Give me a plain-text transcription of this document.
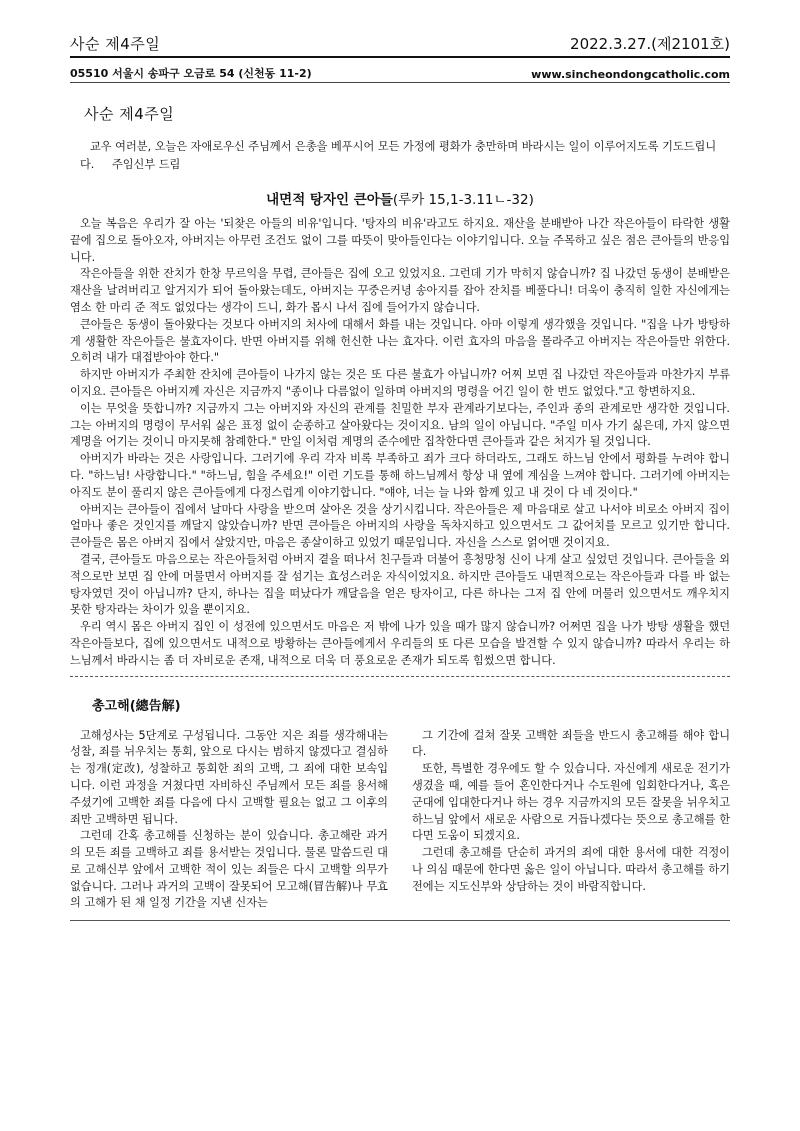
사순 제4주일	2022.3.27.(제2101호)
05510 서울시 송파구 오금로 54 (신천동 11-2)	www.sincheondongcatholic.com
사순 제4주일
교우 여러분, 오늘은 자애로우신 주님께서 은총을 베푸시어 모든 가정에 평화가 충만하며 바라시는 일이 이루어지도록 기도드립니다. 주임신부 드림
내면적 탕자인 큰아들(루카 15,1-3.11ㄴ-32)

오늘 복음은 우리가 잘 아는 '되찾은 아들의 비유'입니다. '탕자의 비유'라고도 하지요. 재산을 분배받아 나간 작은아들이 타락한 생활 끝에 집으로 돌아오자, 아버지는 아무런 조건도 없이 그를 따뜻이 맞아들인다는 이야기입니다. 오늘 주목하고 싶은 점은 큰아들의 반응입니다.

작은아들을 위한 잔치가 한창 무르익을 무렵, 큰아들은 집에 오고 있었지요. 그런데 기가 막히지 않습니까? 집 나갔던 동생이 분배받은 재산을 날려버리고 알거지가 되어 돌아왔는데도, 아버지는 꾸중은커녕 송아지를 잡아 잔치를 베풀다니! 더욱이 충직히 일한 자신에게는 염소 한 마리 준 적도 없었다는 생각이 드니, 화가 몹시 나서 집에 들어가지 않습니다.

큰아들은 동생이 돌아왔다는 것보다 아버지의 처사에 대해서 화를 내는 것입니다. 아마 이렇게 생각했을 것입니다. "집을 나가 방탕하게 생활한 작은아들은 불효자이다. 반면 아버지를 위해 헌신한 나는 효자다. 이런 효자의 마음을 몰라주고 아버지는 작은아들만 위한다. 오히려 내가 대접받아야 한다."

하지만 아버지가 주최한 잔치에 큰아들이 나가지 않는 것은 또 다른 불효가 아닙니까? 어찌 보면 집 나갔던 작은아들과 마찬가지 부류이지요. 큰아들은 아버지께 자신은 지금까지 "종이나 다름없이 일하며 아버지의 명령을 어긴 일이 한 번도 없었다."고 항변하지요.

이는 무엇을 뜻합니까? 지금까지 그는 아버지와 자신의 관계를 친밀한 부자 관계라기보다는, 주인과 종의 관계로만 생각한 것입니다. 그는 아버지의 명령이 무서워 싫은 표정 없이 순종하고 살아왔다는 것이지요. 남의 일이 아닙니다. "주일 미사 가기 싫은데, 가지 않으면 계명을 어기는 것이니 마지못해 참례한다." 만일 이처럼 계명의 준수에만 집착한다면 큰아들과 같은 처지가 될 것입니다.

아버지가 바라는 것은 사랑입니다. 그러기에 우리 각자 비록 부족하고 죄가 크다 하더라도, 그래도 하느님 안에서 평화를 누려야 합니다. "하느님! 사랑합니다." "하느님, 힘을 주세요!" 이런 기도를 통해 하느님께서 항상 내 옆에 계심을 느껴야 합니다. 그러기에 아버지는 아직도 분이 풀리지 않은 큰아들에게 다정스럽게 이야기합니다. "얘야, 너는 늘 나와 함께 있고 내 것이 다 네 것이다."

아버지는 큰아들이 집에서 날마다 사랑을 받으며 살아온 것을 상기시킵니다. 작은아들은 제 마음대로 살고 나서야 비로소 아버지 집이 얼마나 좋은 것인지를 깨달지 않았습니까? 반면 큰아들은 아버지의 사랑을 독차지하고 있으면서도 그 값어치를 모르고 있기만 합니다. 큰아들은 몸은 아버지 집에서 살았지만, 마음은 종살이하고 있었기 때문입니다. 자신을 스스로 얽어맨 것이지요.

결국, 큰아들도 마음으로는 작은아들처럼 아버지 곁을 떠나서 친구들과 더불어 흥청망청 신이 나게 살고 싶었던 것입니다. 큰아들을 외적으로만 보면 집 안에 머물면서 아버지를 잘 섬기는 효성스러운 자식이었지요. 하지만 큰아들도 내면적으로는 작은아들과 다를 바 없는 탕자였던 것이 아닙니까? 단지, 하나는 집을 떠났다가 깨달음을 얻은 탕자이고, 다른 하나는 그저 집 안에 머물러 있으면서도 깨우치지 못한 탕자라는 차이가 있을 뿐이지요.

우리 역시 몸은 아버지 집인 이 성전에 있으면서도 마음은 저 밖에 나가 있을 때가 많지 않습니까? 어쩌면 집을 나가 방탕 생활을 했던 작은아들보다, 집에 있으면서도 내적으로 방황하는 큰아들에게서 우리들의 또 다른 모습을 발견할 수 있지 않습니까? 따라서 우리는 하느님께서 바라시는 좀 더 자비로운 존재, 내적으로 더욱 더 풍요로운 존재가 되도록 힘썼으면 합니다.

총고해(總告解)

고해성사는 5단계로 구성됩니다. 그동안 지은 죄를 생각해내는 성찰, 죄를 뉘우치는 통회, 앞으로 다시는 범하지 않겠다고 결심하는 정개(定改), 성찰하고 통회한 죄의 고백, 그 죄에 대한 보속입니다. 이런 과정을 거쳤다면 자비하신 주님께서 모든 죄를 용서해주셨기에 고백한 죄를 다음에 다시 고백할 필요는 없고 그 이후의 죄만 고백하면 됩니다.

그런데 간혹 총고해를 신청하는 분이 있습니다. 총고해란 과거의 모든 죄를 고백하고 죄를 용서받는 것입니다. 물론 말씀드린 대로 고해신부 앞에서 고백한 적이 있는 죄들은 다시 고백할 의무가 없습니다. 그러나 과거의 고백이 잘못되어 모고해(冒告解)나 무효의 고해가 된 채 일정 기간을 지낸 신자는

그 기간에 걸쳐 잘못 고백한 죄들을 반드시 총고해를 해야 합니다.

또한, 특별한 경우에도 할 수 있습니다. 자신에게 새로운 전기가 생겼을 때, 예를 들어 혼인한다거나 수도원에 입회한다거나, 혹은 군대에 입대한다거나 하는 경우 지금까지의 모든 잘못을 뉘우치고 하느님 앞에서 새로운 사람으로 거듭나겠다는 뜻으로 총고해를 한다면 도움이 되겠지요.

그런데 총고해를 단순히 과거의 죄에 대한 용서에 대한 걱정이나 의심 때문에 한다면 옳은 일이 아닙니다. 따라서 총고해를 하기 전에는 지도신부와 상담하는 것이 바람직합니다.
